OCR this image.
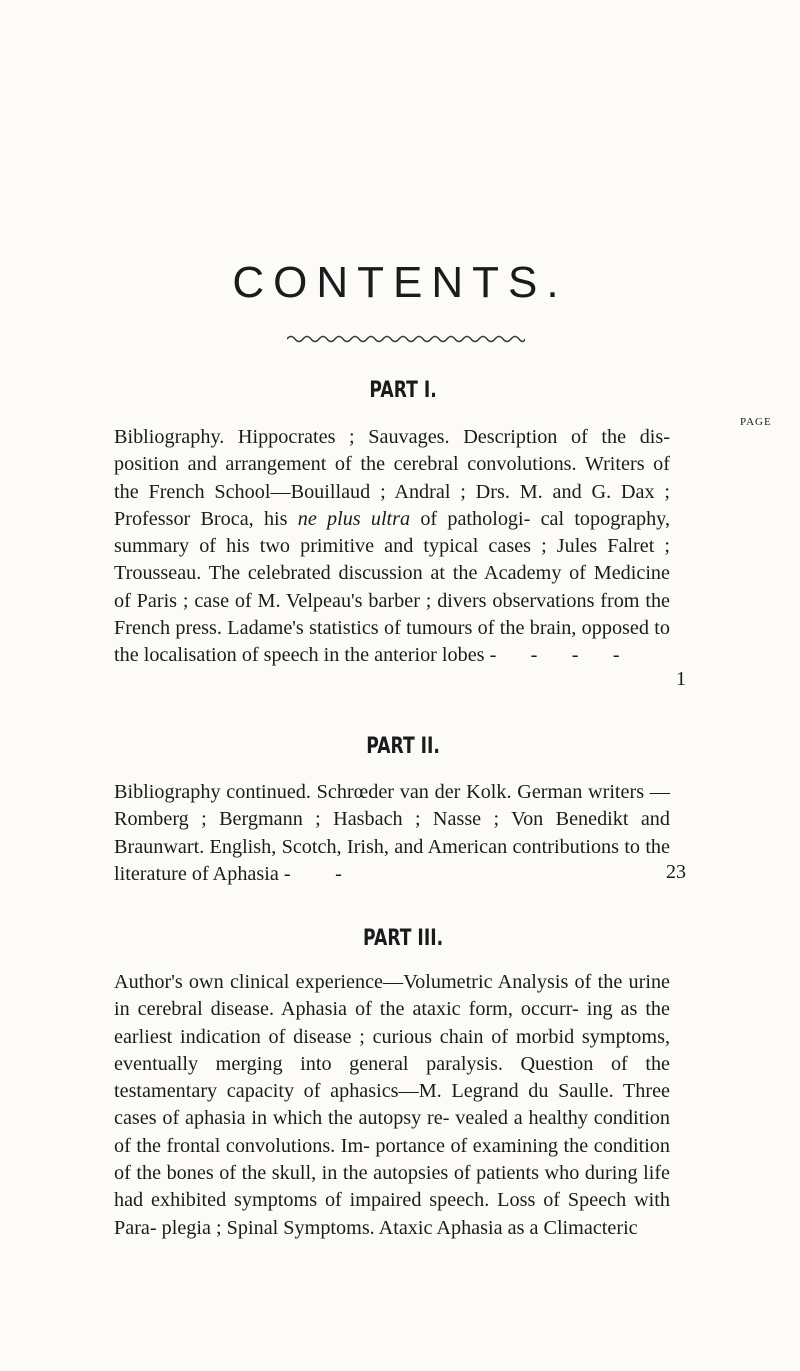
CONTENTS.
PAGE
PART I.
Bibliography. Hippocrates ; Sauvages. Description of the dis- position and arrangement of the cerebral convolutions. Writers of the French School—Bouillaud ; Andral ; Drs. M. and G. Dax ; Professor Broca, his ne plus ultra of pathologi- cal topography, summary of his two primitive and typical cases ; Jules Falret ; Trousseau. The celebrated discussion at the Academy of Medicine of Paris ; case of M. Velpeau's barber ; divers observations from the French press. Ladame's statistics of tumours of the brain, opposed to the localisation of speech in the anterior lobes - - - -
1
PART II.
Bibliography continued. Schrœder van der Kolk. German writers — Romberg ; Bergmann ; Hasbach ; Nasse ; Von Benedikt and Braunwart. English, Scotch, Irish, and American contributions to the literature of Aphasia - -	23
PART III.
Author's own clinical experience—Volumetric Analysis of the urine in cerebral disease. Aphasia of the ataxic form, occurr- ing as the earliest indication of disease ; curious chain of morbid symptoms, eventually merging into general paralysis. Question of the testamentary capacity of aphasics—M. Legrand du Saulle. Three cases of aphasia in which the autopsy re- vealed a healthy condition of the frontal convolutions. Im- portance of examining the condition of the bones of the skull, in the autopsies of patients who during life had exhibited symptoms of impaired speech. Loss of Speech with Para- plegia ; Spinal Symptoms. Ataxic Aphasia as a Climacteric
